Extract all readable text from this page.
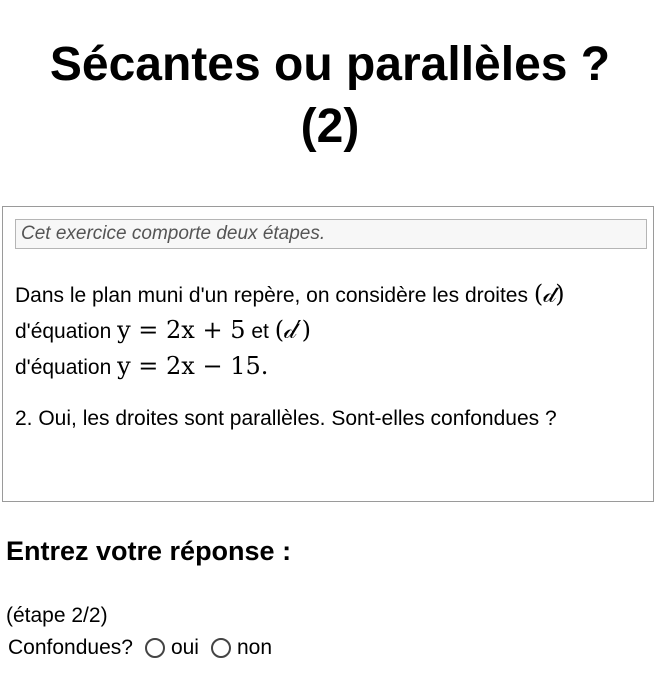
Sécantes ou parallèles ?
(2)
Cet exercice comporte deux étapes.
Dans le plan muni d'un repère, on considère les droites (𝒹) d'équation y = 2x + 5 et (𝒹′)
d'équation y = 2x − 15.
2. Oui, les droites sont parallèles. Sont-elles confondues ?
Entrez votre réponse :
(étape 2/2)
Confondues? oui non
